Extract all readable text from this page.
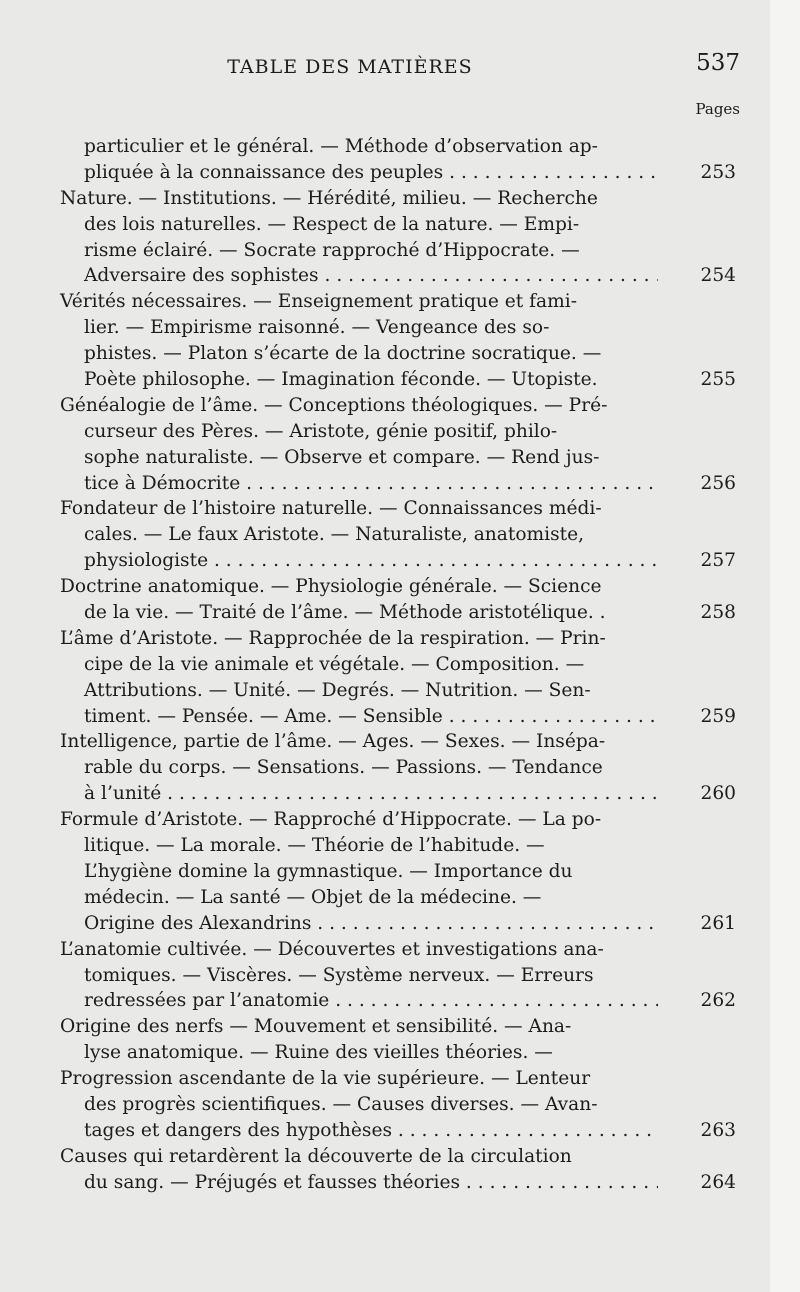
TABLE DES MATIÈRES	537
Pages
particulier et le général. — Méthode d’observation ap-
pliquée à la connaissance des peuples . . .	253
Nature. — Institutions. — Hérédité, milieu. — Recherche
des lois naturelles. — Respect de la nature. — Empi-
risme éclairé. — Socrate rapproché d’Hippocrate. —
Adversaire des sophistes . . .	254
Vérités nécessaires. — Enseignement pratique et fami-
lier. — Empirisme raisonné. — Vengeance des so-
phistes. — Platon s’écarte de la doctrine socratique. —
Poète philosophe. — Imagination féconde. — Utopiste.	255
Généalogie de l’âme. — Conceptions théologiques. — Pré-
curseur des Pères. — Aristote, génie positif, philo-
sophe naturaliste. — Observe et compare. — Rend jus-
tice à Démocrite . . .	256
Fondateur de l’histoire naturelle. — Connaissances médi-
cales. — Le faux Aristote. — Naturaliste, anatomiste,
physiologiste . . .	257
Doctrine anatomique. — Physiologie générale. — Science
de la vie. — Traité de l’âme. — Méthode aristotélique. .	258
L’âme d’Aristote. — Rapprochée de la respiration. — Prin-
cipe de la vie animale et végétale. — Composition. —
Attributions. — Unité. — Degrés. — Nutrition. — Sen-
timent. — Pensée. — Ame. — Sensible . . .	259
Intelligence, partie de l’âme. — Ages. — Sexes. — Insépa-
rable du corps. — Sensations. — Passions. — Tendance
à l’unité . . .	260
Formule d’Aristote. — Rapproché d’Hippocrate. — La po-
litique. — La morale. — Théorie de l’habitude. —
L’hygiène domine la gymnastique. — Importance du
médecin. — La santé — Objet de la médecine. —
Origine des Alexandrins . . .	261
L’anatomie cultivée. — Découvertes et investigations ana-
tomiques. — Viscères. — Système nerveux. — Erreurs
redressées par l’anatomie . . .	262
Origine des nerfs — Mouvement et sensibilité. — Ana-
lyse anatomique. — Ruine des vieilles théories. —
Progression ascendante de la vie supérieure. — Lenteur
des progrès scientifiques. — Causes diverses. — Avan-
tages et dangers des hypothèses . . .	263
Causes qui retardèrent la découverte de la circulation
du sang. — Préjugés et fausses théories . . .	264
